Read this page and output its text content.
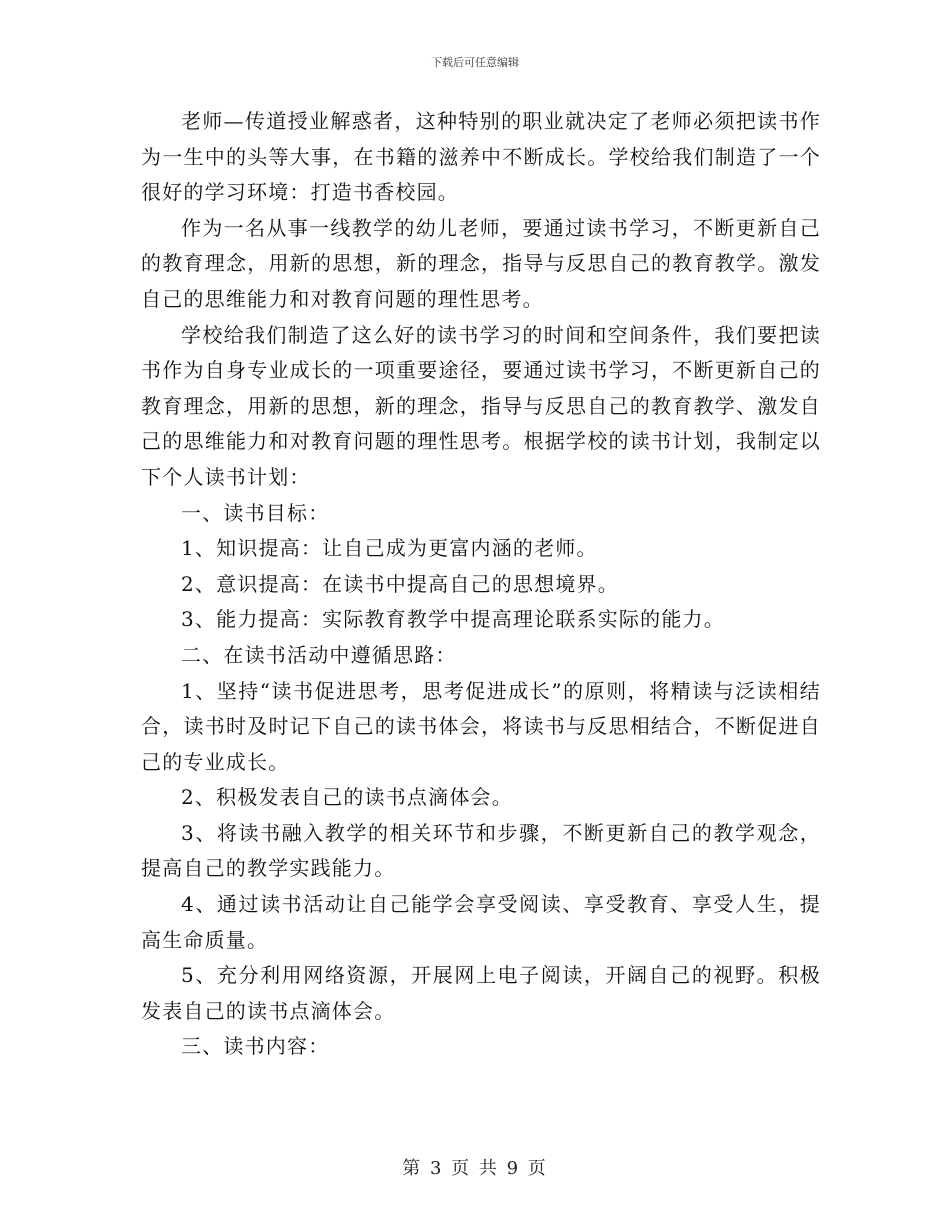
下载后可任意编辑

老师—传道授业解惑者，这种特别的职业就决定了老师必须把读书作为一生中的头等大事，在书籍的滋养中不断成长。学校给我们制造了一个很好的学习环境：打造书香校园。

作为一名从事一线教学的幼儿老师，要通过读书学习，不断更新自己的教育理念，用新的思想，新的理念，指导与反思自己的教育教学。激发自己的思维能力和对教育问题的理性思考。

学校给我们制造了这么好的读书学习的时间和空间条件，我们要把读书作为自身专业成长的一项重要途径，要通过读书学习，不断更新自己的教育理念，用新的思想，新的理念，指导与反思自己的教育教学、激发自己的思维能力和对教育问题的理性思考。根据学校的读书计划，我制定以下个人读书计划：

一、读书目标：

1、知识提高：让自己成为更富内涵的老师。

2、意识提高：在读书中提高自己的思想境界。

3、能力提高：实际教育教学中提高理论联系实际的能力。

二、在读书活动中遵循思路：

1、坚持“读书促进思考，思考促进成长”的原则，将精读与泛读相结合，读书时及时记下自己的读书体会，将读书与反思相结合，不断促进自己的专业成长。

2、积极发表自己的读书点滴体会。

3、将读书融入教学的相关环节和步骤，不断更新自己的教学观念，提高自己的教学实践能力。

4、通过读书活动让自己能学会享受阅读、享受教育、享受人生，提高生命质量。

5、充分利用网络资源，开展网上电子阅读，开阔自己的视野。积极发表自己的读书点滴体会。

三、读书内容：

第 3 页 共 9 页
